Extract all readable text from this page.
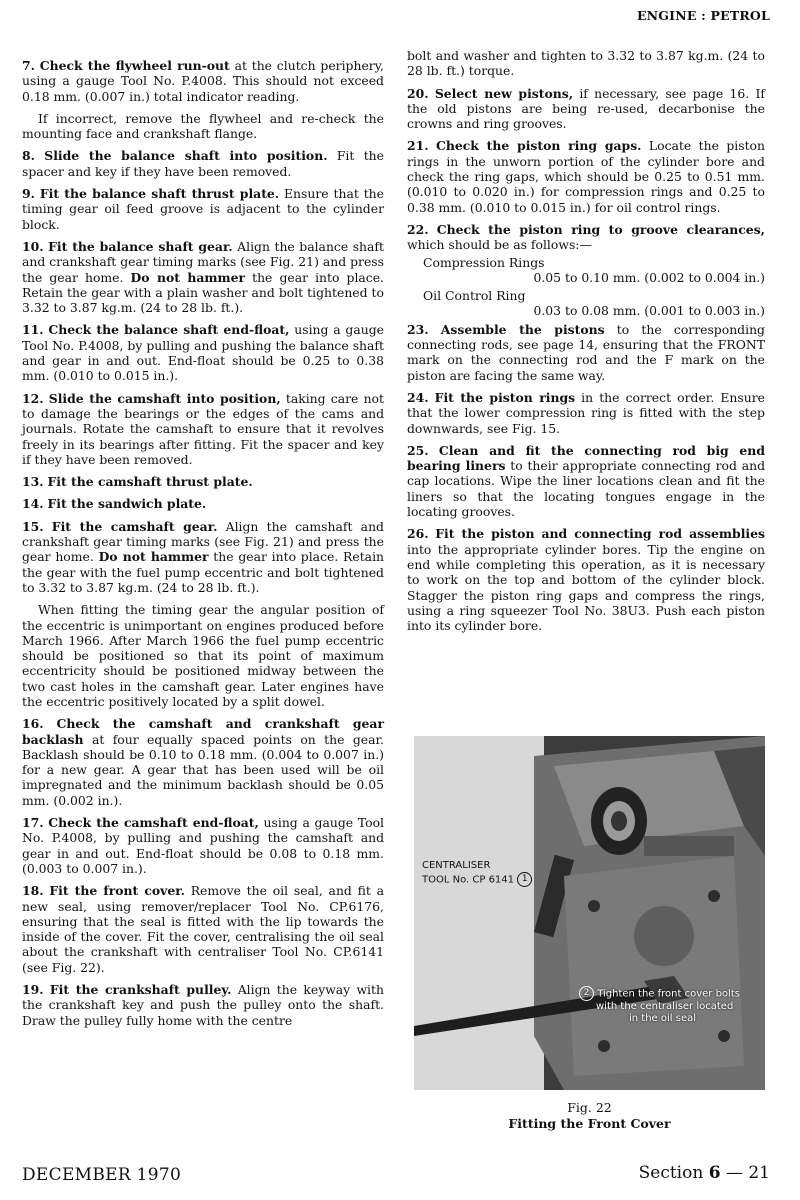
ENGINE : PETROL

7. Check the flywheel run-out at the clutch periphery, using a gauge Tool No. P.4008. This should not exceed 0.18 mm. (0.007 in.) total indicator reading.

If incorrect, remove the flywheel and re-check the mounting face and crankshaft flange.

8. Slide the balance shaft into position. Fit the spacer and key if they have been removed.

9. Fit the balance shaft thrust plate. Ensure that the timing gear oil feed groove is adjacent to the cylinder block.

10. Fit the balance shaft gear. Align the balance shaft and crankshaft gear timing marks (see Fig. 21) and press the gear home. Do not hammer the gear into place. Retain the gear with a plain washer and bolt tightened to 3.32 to 3.87 kg.m. (24 to 28 lb. ft.).

11. Check the balance shaft end-float, using a gauge Tool No. P.4008, by pulling and pushing the balance shaft and gear in and out. End-float should be 0.25 to 0.38 mm. (0.010 to 0.015 in.).

12. Slide the camshaft into position, taking care not to damage the bearings or the edges of the cams and journals. Rotate the camshaft to ensure that it revolves freely in its bearings after fitting. Fit the spacer and key if they have been removed.

13. Fit the camshaft thrust plate.

14. Fit the sandwich plate.

15. Fit the camshaft gear. Align the camshaft and crankshaft gear timing marks (see Fig. 21) and press the gear home. Do not hammer the gear into place. Retain the gear with the fuel pump eccentric and bolt tightened to 3.32 to 3.87 kg.m. (24 to 28 lb. ft.).

When fitting the timing gear the angular position of the eccentric is unimportant on engines produced before March 1966. After March 1966 the fuel pump eccentric should be positioned so that its point of maximum eccentricity should be positioned midway between the two cast holes in the camshaft gear. Later engines have the eccentric positively located by a split dowel.

16. Check the camshaft and crankshaft gear backlash at four equally spaced points on the gear. Backlash should be 0.10 to 0.18 mm. (0.004 to 0.007 in.) for a new gear. A gear that has been used will be oil impregnated and the minimum backlash should be 0.05 mm. (0.002 in.).

17. Check the camshaft end-float, using a gauge Tool No. P.4008, by pulling and pushing the camshaft and gear in and out. End-float should be 0.08 to 0.18 mm. (0.003 to 0.007 in.).

18. Fit the front cover. Remove the oil seal, and fit a new seal, using remover/replacer Tool No. CP.6176, ensuring that the seal is fitted with the lip towards the inside of the cover. Fit the cover, centralising the oil seal about the crankshaft with centraliser Tool No. CP.6141 (see Fig. 22).

19. Fit the crankshaft pulley. Align the keyway with the crankshaft key and push the pulley onto the shaft. Draw the pulley fully home with the centre

bolt and washer and tighten to 3.32 to 3.87 kg.m. (24 to 28 lb. ft.) torque.

20. Select new pistons, if necessary, see page 16. If the old pistons are being re-used, decarbonise the crowns and ring grooves.

21. Check the piston ring gaps. Locate the piston rings in the unworn portion of the cylinder bore and check the ring gaps, which should be 0.25 to 0.51 mm. (0.010 to 0.020 in.) for compression rings and 0.25 to 0.38 mm. (0.010 to 0.015 in.) for oil control rings.

22. Check the piston ring to groove clearances, which should be as follows:—

Compression Rings

0.05 to 0.10 mm. (0.002 to 0.004 in.)

Oil Control Ring

0.03 to 0.08 mm. (0.001 to 0.003 in.)

23. Assemble the pistons to the corresponding connecting rods, see page 14, ensuring that the FRONT mark on the connecting rod and the F mark on the piston are facing the same way.

24. Fit the piston rings in the correct order. Ensure that the lower compression ring is fitted with the step downwards, see Fig. 15.

25. Clean and fit the connecting rod big end bearing liners to their appropriate connecting rod and cap locations. Wipe the liner locations clean and fit the liners so that the locating tongues engage in the locating grooves.

26. Fit the piston and connecting rod assemblies into the appropriate cylinder bores. Tip the engine on end while completing this operation, as it is necessary to work on the top and bottom of the cylinder block. Stagger the piston ring gaps and compress the rings, using a ring squeezer Tool No. 38U3. Push each piston into its cylinder bore.

CENTRALISER
TOOL No. CP 6141 1
2 Tighten the front cover bolts
with the centraliser located
in the oil seal
Fig. 22
Fitting the Front Cover
DECEMBER 1970	Section 6 — 21
